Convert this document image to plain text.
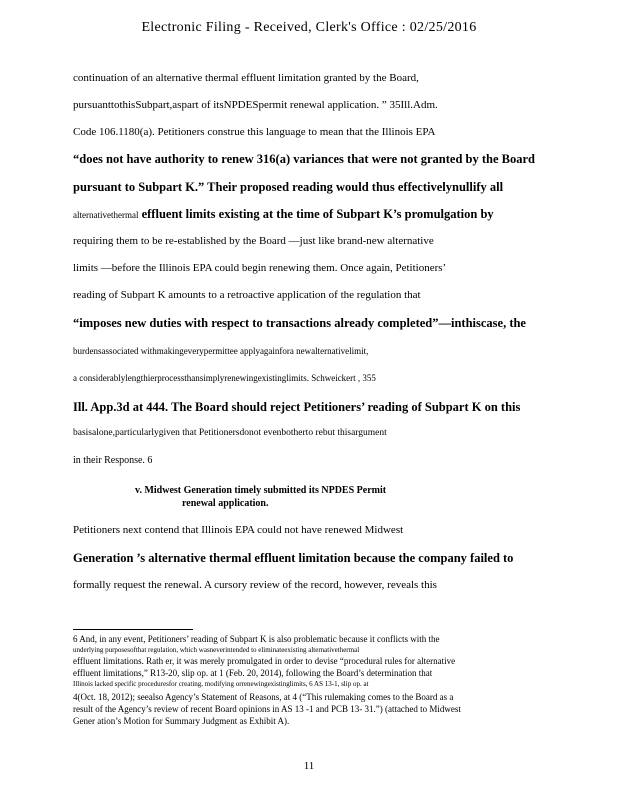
Electronic Filing - Received, Clerk's Office : 02/25/2016
continuation of an alternative thermal effluent limitation granted by the Board,
pursuanttothisSubpart,aspart of itsNPDESpermit renewal application. ” 35Ill.Adm.
Code 106.1180(a). Petitioners construe this language to mean that the Illinois EPA
“does not have authority to renew 316(a) variances that were not granted by the Board
pursuant to Subpart K.” Their proposed reading would thus effectivelynullify all
alternativethermal effluent limits existing at the time of Subpart K’s promulgation by
requiring them to be re-established by the Board —just like brand-new alternative
limits —before the Illinois EPA could begin renewing them. Once again, Petitioners’
reading of Subpart K amounts to a retroactive application of the regulation that
“imposes new duties with respect to transactions already completed”—inthiscase, the
burdensassociated withmakingeverypermittee applyagainfora newalternativelimit,
a considerablylengthierprocessthansimplyrenewingexistinglimits. Schweickert , 355
Ill. App.3d at 444. The Board should reject Petitioners’ reading of Subpart K on this
basisalone,particularlygiven that Petitionersdonot evenbotherto rebut thisargument
in their Response. 6
v. Midwest Generation timely submitted its NPDES Permit
renewal application.
Petitioners next contend that Illinois EPA could not have renewed Midwest
Generation ’s alternative thermal effluent limitation because the company failed to
formally request the renewal. A cursory review of the record, however, reveals this
6 And, in any event, Petitioners’ reading of Subpart K is also problematic because it conflicts with the
underlying purposesofthat regulation, which wasneverintended to eliminateexisting alternativethermal
effluent limitations. Rath er, it was merely promulgated in order to devise “procedural rules for alternative
effluent limitations,” R13-20, slip op. at 1 (Feb. 20, 2014), following the Board’s determination that
Illinois lacked specific proceduresfor creating, modifying orrenewingexistinglimits, 6 AS 13-1, slip op. at
4(Oct. 18, 2012); seealso Agency’s Statement of Reasons, at 4 (“This rulemaking comes to the Board as a
result of the Agency’s review of recent Board opinions in AS 13 -1 and PCB 13- 31.”) (attached to Midwest
Gener ation’s Motion for Summary Judgment as Exhibit A).
11
